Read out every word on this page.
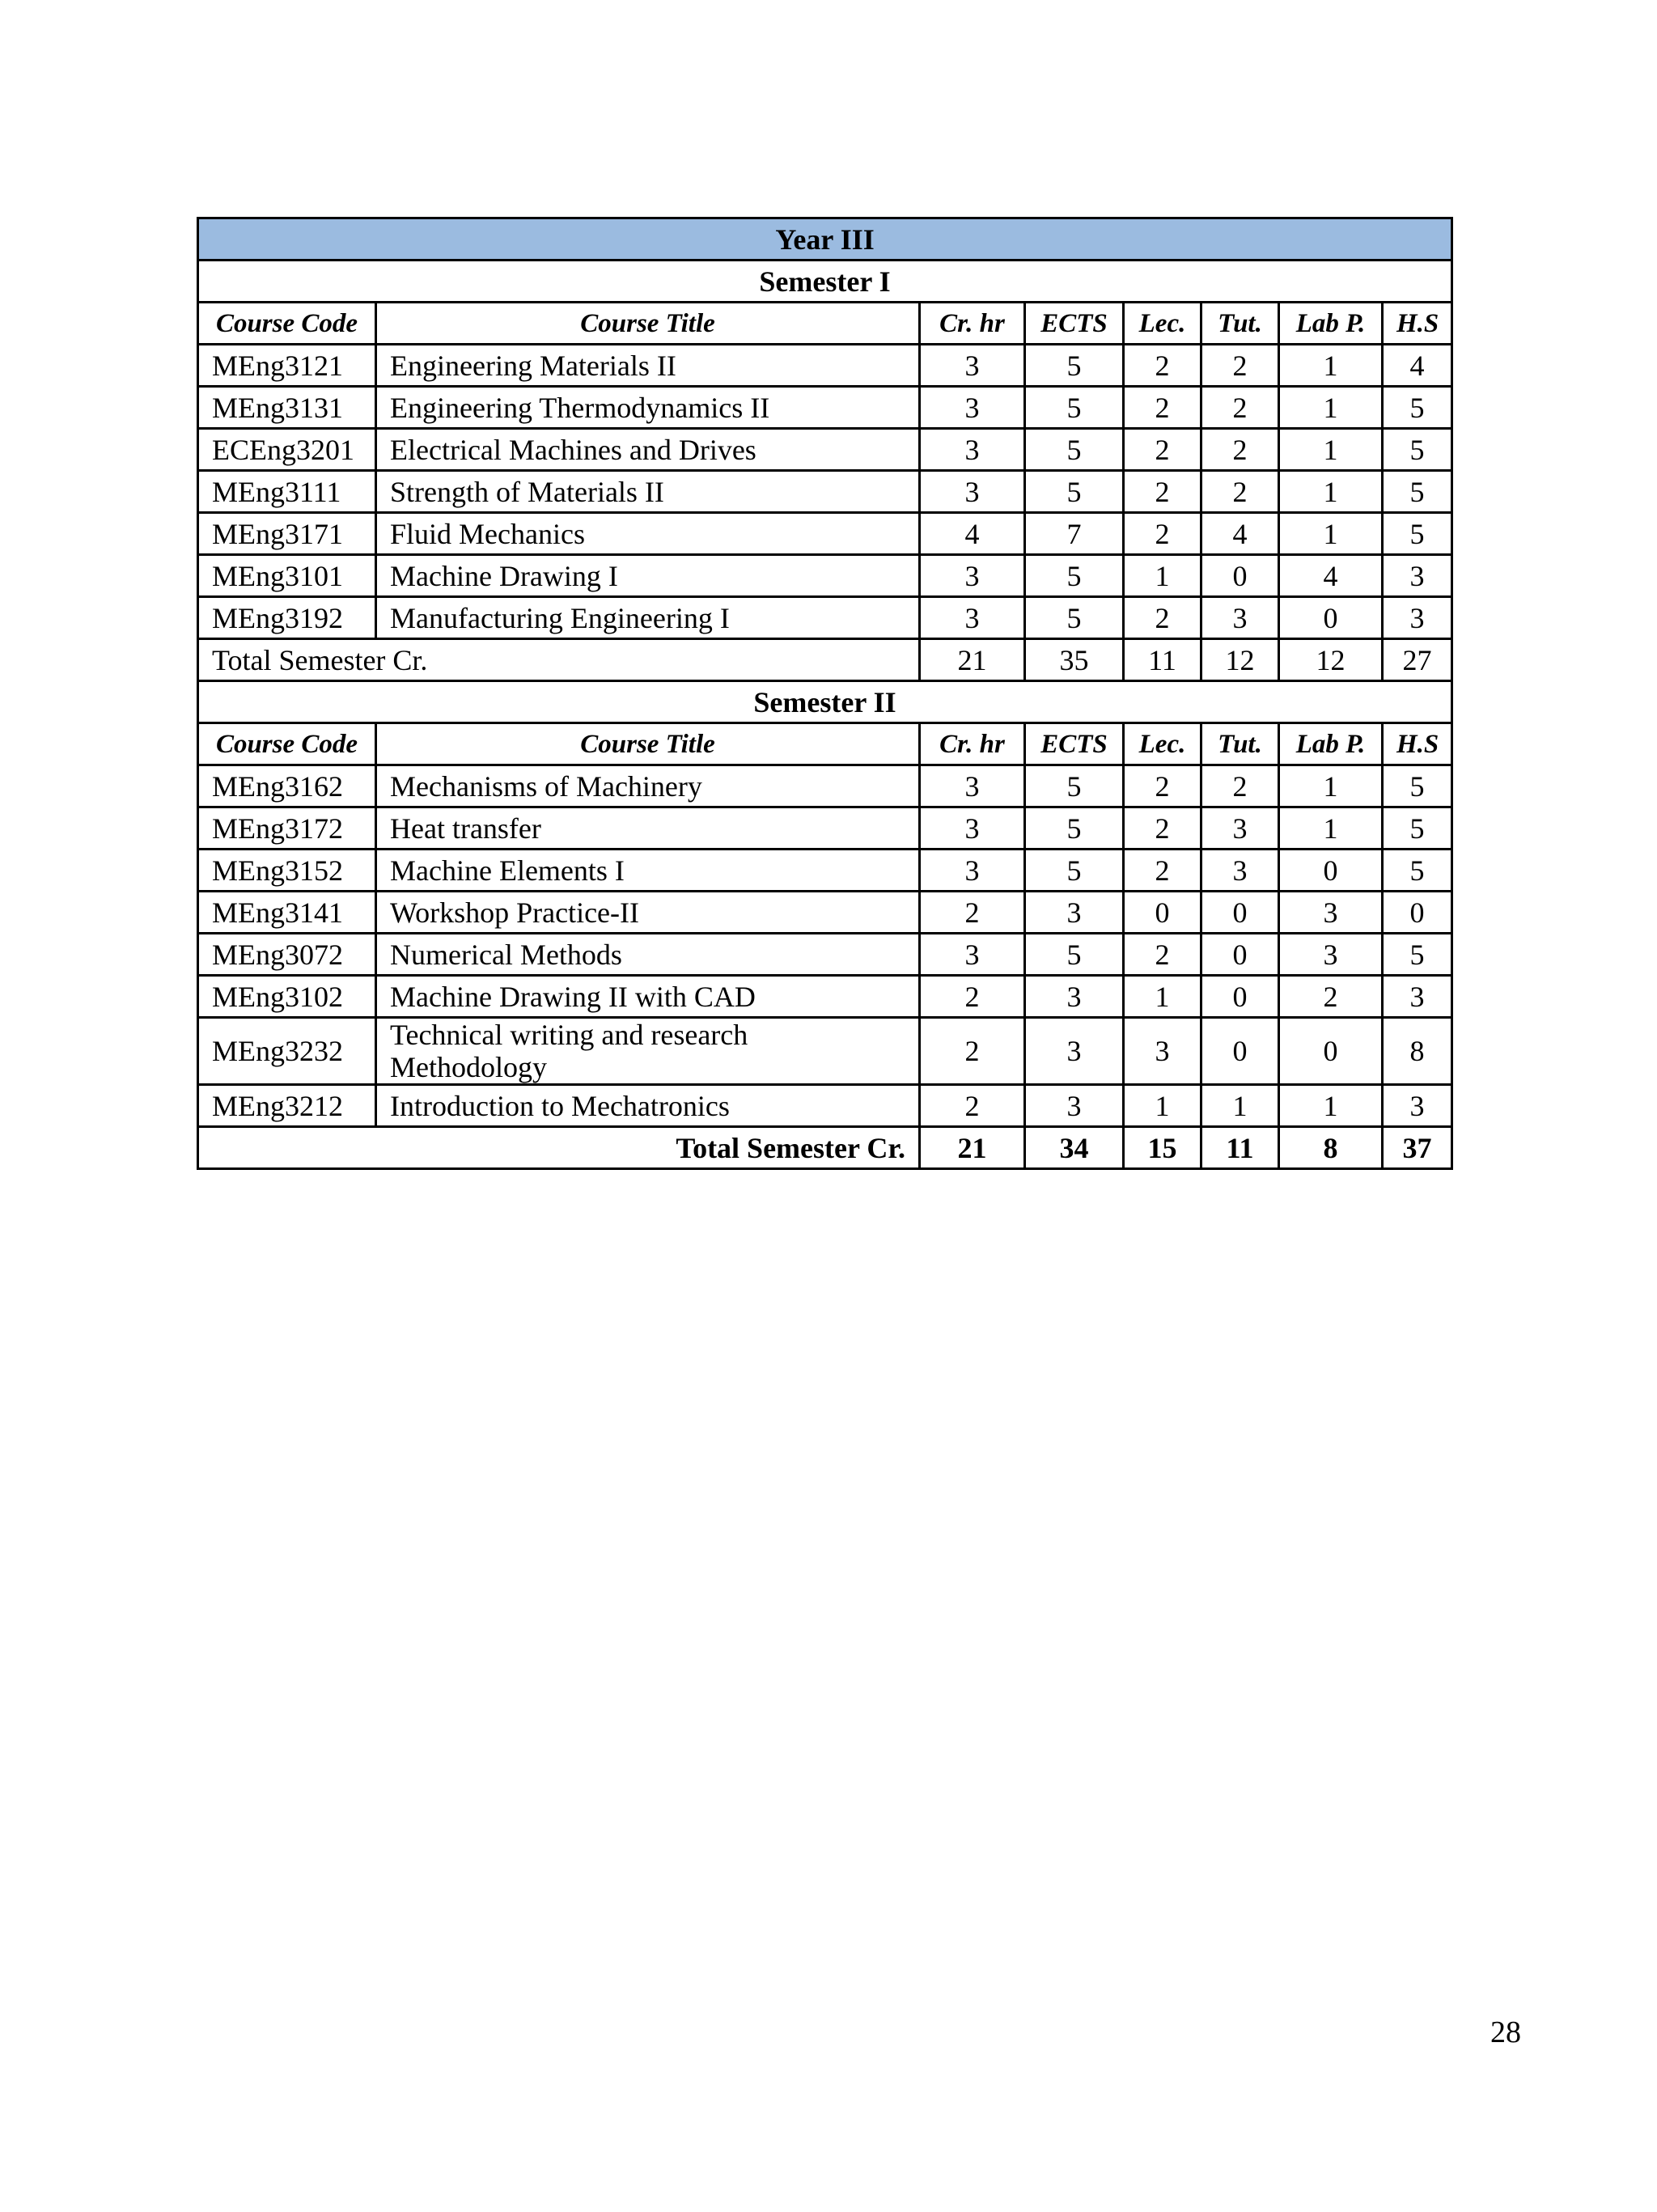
Year III							
Semester I							
Course Code	Course Title	Cr. hr	ECTS	Lec.	Tut.	Lab P.	H.S
MEng3121	Engineering Materials II	3	5	2	2	1	4
MEng3131	Engineering Thermodynamics II	3	5	2	2	1	5
ECEng3201	Electrical Machines and Drives	3	5	2	2	1	5
MEng3111	Strength of Materials II	3	5	2	2	1	5
MEng3171	Fluid Mechanics	4	7	2	4	1	5
MEng3101	Machine Drawing I	3	5	1	0	4	3
MEng3192	Manufacturing Engineering I	3	5	2	3	0	3
Total Semester Cr.		21	35	11	12	12	27
Semester II							
Course Code	Course Title	Cr. hr	ECTS	Lec.	Tut.	Lab P.	H.S
MEng3162	Mechanisms of Machinery	3	5	2	2	1	5
MEng3172	Heat transfer	3	5	2	3	1	5
MEng3152	Machine Elements I	3	5	2	3	0	5
MEng3141	Workshop Practice-II	2	3	0	0	3	0
MEng3072	Numerical Methods	3	5	2	0	3	5
MEng3102	Machine Drawing II with CAD	2	3	1	0	2	3
MEng3232	Technical writing and research Methodology	2	3	3	0	0	8
MEng3212	Introduction to Mechatronics	2	3	1	1	1	3
Total Semester Cr.		21	34	15	11	8	37
28
